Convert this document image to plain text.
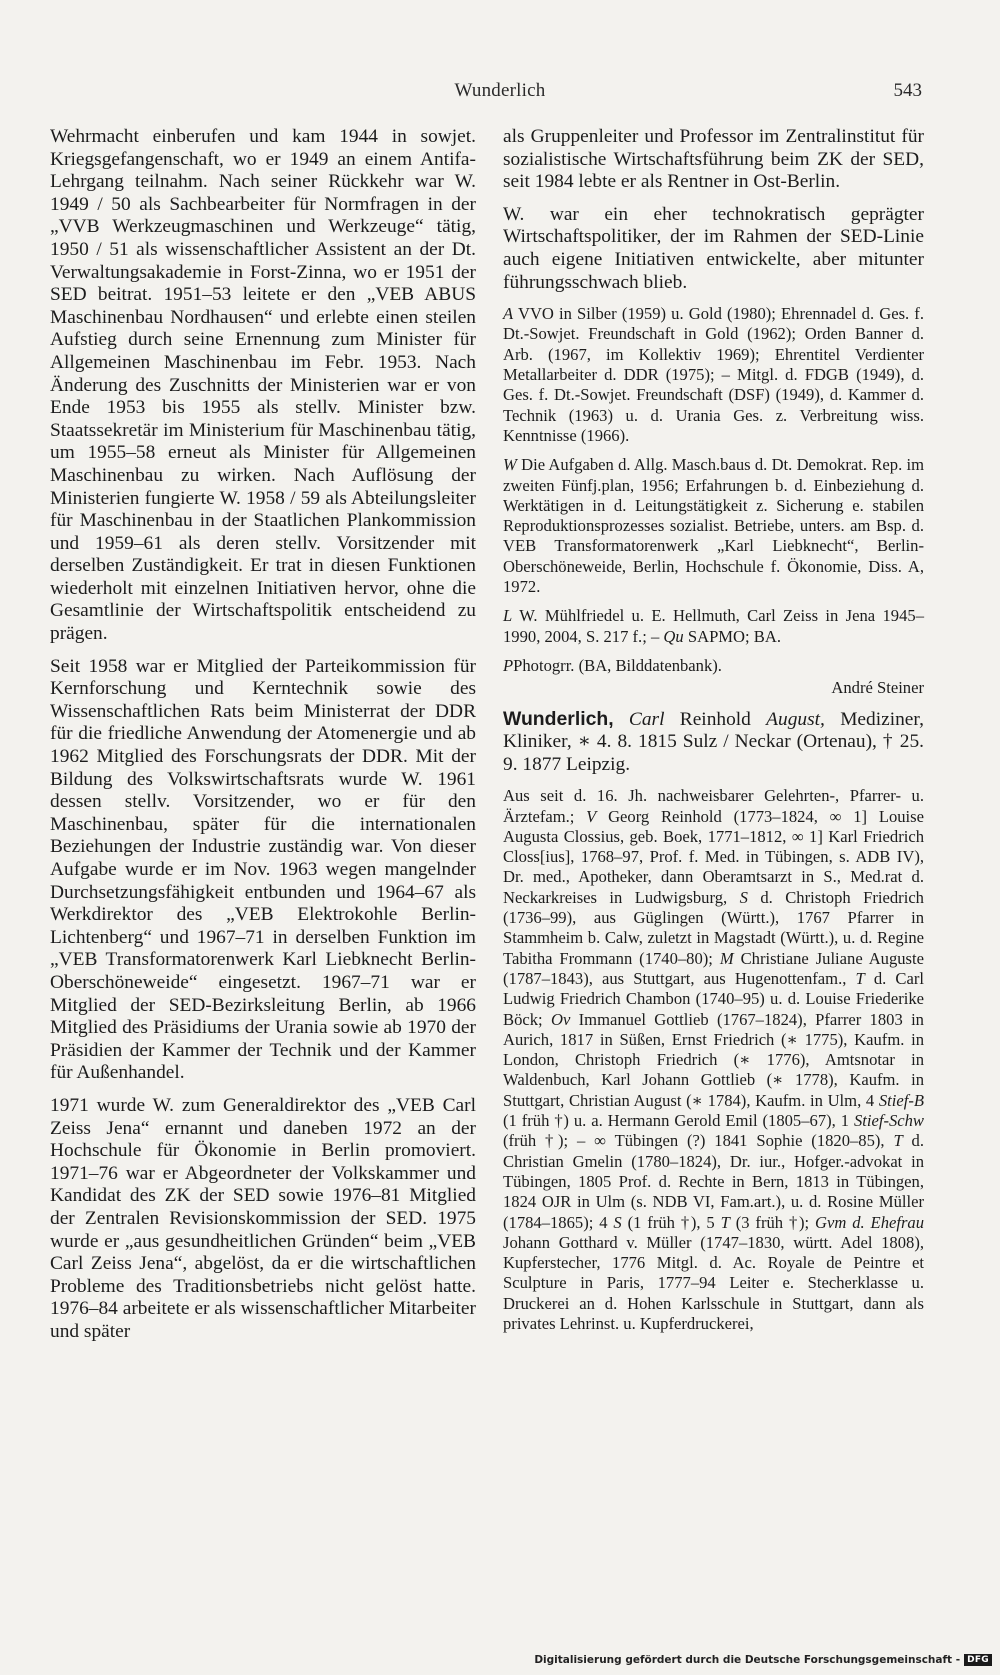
Wunderlich	543

Wehrmacht einberufen und kam 1944 in sowjet. Kriegsgefangenschaft, wo er 1949 an einem Antifa-Lehrgang teilnahm. Nach seiner Rückkehr war W. 1949 / 50 als Sachbearbeiter für Normfragen in der „VVB Werkzeugmaschinen und Werkzeuge“ tätig, 1950 / 51 als wissenschaftlicher Assistent an der Dt. Verwaltungsakademie in Forst-Zinna, wo er 1951 der SED beitrat. 1951–53 leitete er den „VEB ABUS Maschinenbau Nordhausen“ und erlebte einen steilen Aufstieg durch seine Ernennung zum Minister für Allgemeinen Maschinenbau im Febr. 1953. Nach Änderung des Zuschnitts der Ministerien war er von Ende 1953 bis 1955 als stellv. Minister bzw. Staatssekretär im Ministerium für Maschinenbau tätig, um 1955–58 erneut als Minister für Allgemeinen Maschinenbau zu wirken. Nach Auflösung der Ministerien fungierte W. 1958 / 59 als Abteilungsleiter für Maschinenbau in der Staatlichen Plankommission und 1959–61 als deren stellv. Vorsitzender mit derselben Zuständigkeit. Er trat in diesen Funktionen wiederholt mit einzelnen Initiativen hervor, ohne die Gesamtlinie der Wirtschaftspolitik entscheidend zu prägen.

Seit 1958 war er Mitglied der Parteikommission für Kernforschung und Kerntechnik sowie des Wissenschaftlichen Rats beim Ministerrat der DDR für die friedliche Anwendung der Atomenergie und ab 1962 Mitglied des Forschungsrats der DDR. Mit der Bildung des Volkswirtschaftsrats wurde W. 1961 dessen stellv. Vorsitzender, wo er für den Maschinenbau, später für die internationalen Beziehungen der Industrie zuständig war. Von dieser Aufgabe wurde er im Nov. 1963 wegen mangelnder Durchsetzungsfähigkeit entbunden und 1964–67 als Werkdirektor des „VEB Elektrokohle Berlin-Lichtenberg“ und 1967–71 in derselben Funktion im „VEB Transformatorenwerk Karl Liebknecht Berlin-Oberschöneweide“ eingesetzt. 1967–71 war er Mitglied der SED-Bezirksleitung Berlin, ab 1966 Mitglied des Präsidiums der Urania sowie ab 1970 der Präsidien der Kammer der Technik und der Kammer für Außenhandel.

1971 wurde W. zum Generaldirektor des „VEB Carl Zeiss Jena“ ernannt und daneben 1972 an der Hochschule für Ökonomie in Berlin promoviert. 1971–76 war er Abgeordneter der Volkskammer und Kandidat des ZK der SED sowie 1976–81 Mitglied der Zentralen Revisionskommission der SED. 1975 wurde er „aus gesundheitlichen Gründen“ beim „VEB Carl Zeiss Jena“, abgelöst, da er die wirtschaftlichen Probleme des Traditionsbetriebs nicht gelöst hatte. 1976–84 arbeitete er als wissenschaftlicher Mitarbeiter und später

als Gruppenleiter und Professor im Zentralinstitut für sozialistische Wirtschaftsführung beim ZK der SED, seit 1984 lebte er als Rentner in Ost-Berlin.

W. war ein eher technokratisch geprägter Wirtschaftspolitiker, der im Rahmen der SED-Linie auch eigene Initiativen entwickelte, aber mitunter führungsschwach blieb.

A VVO in Silber (1959) u. Gold (1980); Ehrennadel d. Ges. f. Dt.-Sowjet. Freundschaft in Gold (1962); Orden Banner d. Arb. (1967, im Kollektiv 1969); Ehrentitel Verdienter Metallarbeiter d. DDR (1975); – Mitgl. d. FDGB (1949), d. Ges. f. Dt.-Sowjet. Freundschaft (DSF) (1949), d. Kammer d. Technik (1963) u. d. Urania Ges. z. Verbreitung wiss. Kenntnisse (1966).

W Die Aufgaben d. Allg. Masch.baus d. Dt. Demokrat. Rep. im zweiten Fünfj.plan, 1956; Erfahrungen b. d. Einbeziehung d. Werktätigen in d. Leitungstätigkeit z. Sicherung e. stabilen Reproduktionsprozesses sozialist. Betriebe, unters. am Bsp. d. VEB Transformatorenwerk „Karl Liebknecht“, Berlin-Oberschöneweide, Berlin, Hochschule f. Ökonomie, Diss. A, 1972.

L W. Mühlfriedel u. E. Hellmuth, Carl Zeiss in Jena 1945–1990, 2004, S. 217 f.; – Qu SAPMO; BA.

PPhotogrr. (BA, Bilddatenbank).

André Steiner

Wunderlich, Carl Reinhold August, Mediziner, Kliniker, ∗ 4. 8. 1815 Sulz / Neckar (Ortenau), † 25. 9. 1877 Leipzig.

Aus seit d. 16. Jh. nachweisbarer Gelehrten-, Pfarrer- u. Ärztefam.; V Georg Reinhold (1773–1824, ∞ 1] Louise Augusta Clossius, geb. Boek, 1771–1812, ∞ 1] Karl Friedrich Closs[ius], 1768–97, Prof. f. Med. in Tübingen, s. ADB IV), Dr. med., Apotheker, dann Oberamtsarzt in S., Med.rat d. Neckarkreises in Ludwigsburg, S d. Christoph Friedrich (1736–99), aus Güglingen (Württ.), 1767 Pfarrer in Stammheim b. Calw, zuletzt in Magstadt (Württ.), u. d. Regine Tabitha Frommann (1740–80); M Christiane Juliane Auguste (1787–1843), aus Stuttgart, aus Hugenottenfam., T d. Carl Ludwig Friedrich Chambon (1740–95) u. d. Louise Friederike Böck; Ov Immanuel Gottlieb (1767–1824), Pfarrer 1803 in Aurich, 1817 in Süßen, Ernst Friedrich (∗ 1775), Kaufm. in London, Christoph Friedrich (∗ 1776), Amtsnotar in Waldenbuch, Karl Johann Gottlieb (∗ 1778), Kaufm. in Stuttgart, Christian August (∗ 1784), Kaufm. in Ulm, 4 Stief-B (1 früh †) u. a. Hermann Gerold Emil (1805–67), 1 Stief-Schw (früh †); – ∞ Tübingen (?) 1841 Sophie (1820–85), T d. Christian Gmelin (1780–1824), Dr. iur., Hofger.-advokat in Tübingen, 1805 Prof. d. Rechte in Bern, 1813 in Tübingen, 1824 OJR in Ulm (s. NDB VI, Fam.art.), u. d. Rosine Müller (1784–1865); 4 S (1 früh †), 5 T (3 früh †); Gvm d. Ehefrau Johann Gotthard v. Müller (1747–1830, württ. Adel 1808), Kupferstecher, 1776 Mitgl. d. Ac. Royale de Peintre et Sculpture in Paris, 1777–94 Leiter e. Stecherklasse u. Druckerei an d. Hohen Karlsschule in Stuttgart, dann als privates Lehrinst. u. Kupferdruckerei,

Digitalisierung gefördert durch die Deutsche Forschungsgemeinschaft - DFG
